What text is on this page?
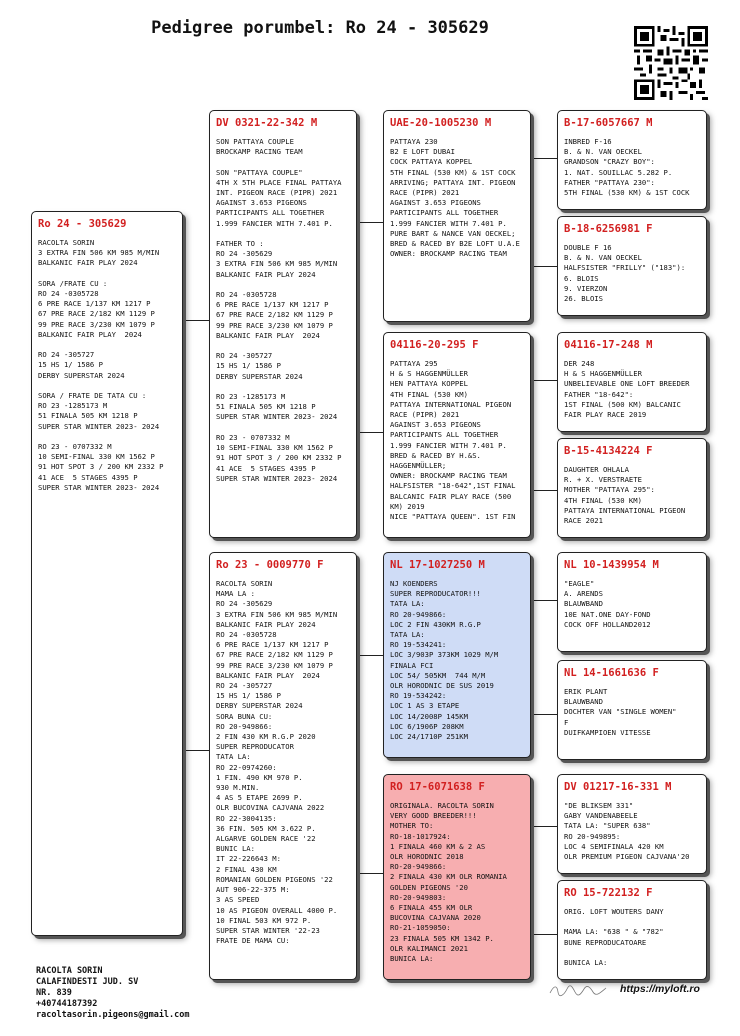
Pedigree porumbel: Ro 24 - 305629
Ro 24 - 305629
RACOLTA SORIN
3 EXTRA FIN 506 KM 985 M/MIN
BALKANIC FAIR PLAY 2024

SORA /FRATE CU :
RO 24 -0305728
6 PRE RACE 1/137 KM 1217 P
67 PRE RACE 2/182 KM 1129 P
99 PRE RACE 3/230 KM 1079 P
BALKANIC FAIR PLAY  2024

RO 24 -305727
15 HS 1/ 1586 P
DERBY SUPERSTAR 2024

SORA / FRATE DE TATA CU :
RO 23 -1285173 M
51 FINALA 505 KM 1218 P
SUPER STAR WINTER 2023- 2024

RO 23 - 0707332 M
10 SEMI-FINAL 330 KM 1562 P
91 HOT SPOT 3 / 200 KM 2332 P
41 ACE  5 STAGES 4395 P
SUPER STAR WINTER 2023- 2024
DV 0321-22-342 M
SON PATTAYA COUPLE
BROCKAMP RACING TEAM

SON "PATTAYA COUPLE"
4TH X 5TH PLACE FINAL PATTAYA INT. PIGEON RACE (PIPR) 2021 AGAINST 3.653 PIGEONS PARTICIPANTS ALL TOGETHER 1.999 FANCIER WITH 7.401 P.

FATHER TO :
RO 24 -305629
3 EXTRA FIN 506 KM 985 M/MIN
BALKANIC FAIR PLAY 2024

RO 24 -0305728
6 PRE RACE 1/137 KM 1217 P
67 PRE RACE 2/182 KM 1129 P
99 PRE RACE 3/230 KM 1079 P
BALKANIC FAIR PLAY  2024

RO 24 -305727
15 HS 1/ 1586 P
DERBY SUPERSTAR 2024

RO 23 -1285173 M
51 FINALA 505 KM 1218 P
SUPER STAR WINTER 2023- 2024

RO 23 - 0707332 M
10 SEMI-FINAL 330 KM 1562 P
91 HOT SPOT 3 / 200 KM 2332 P
41 ACE  5 STAGES 4395 P
SUPER STAR WINTER 2023- 2024
Ro 23 - 0009770 F
RACOLTA SORIN
MAMA LA :
RO 24 -305629
3 EXTRA FIN 506 KM 985 M/MIN
BALKANIC FAIR PLAY 2024
RO 24 -0305728
6 PRE RACE 1/137 KM 1217 P
67 PRE RACE 2/182 KM 1129 P
99 PRE RACE 3/230 KM 1079 P
BALKANIC FAIR PLAY  2024
RO 24 -305727
15 HS 1/ 1586 P
DERBY SUPERSTAR 2024
SORA BUNA CU:
RO 20-949866:
2 FIN 430 KM R.G.P 2020
SUPER REPRODUCATOR
TATA LA:
RO 22-0974260:
1 FIN. 490 KM 970 P.
930 M.MIN.
4 AS 5 ETAPE 2699 P.
OLR BUCOVINA CAJVANA 2022
RO 22-3004135:
36 FIN. 505 KM 3.622 P.
ALGARVE GOLDEN RACE '22
BUNIC LA:
IT 22-226643 M:
2 FINAL 430 KM
ROMANIAN GOLDEN PIGEONS '22
AUT 906-22-375 M:
3 AS SPEED
10 AS PIGEON OVERALL 4000 P.
10 FINAL 503 KM 972 P.
SUPER STAR WINTER '22-23
FRATE DE MAMA CU:
UAE-20-1005230 M
PATTAYA 230
B2 E LOFT DUBAI
COCK PATTAYA KOPPEL
5TH FINAL (530 KM) & 1ST COCK ARRIVING; PATTAYA INT. PIGEON RACE (PIPR) 2021
AGAINST 3.653 PIGEONS PARTICIPANTS ALL TOGETHER 1.999 FANCIER WITH 7.401 P.
PURE BART & NANCE VAN OECKEL; BRED & RACED BY B2E LOFT U.A.E
OWNER: BROCKAMP RACING TEAM
04116-20-295 F
PATTAYA 295
H & S HAGGENMÜLLER
HEN PATTAYA KOPPEL
4TH FINAL (530 KM)
PATTAYA INTERNATIONAL PIGEON RACE (PIPR) 2021
AGAINST 3.653 PIGEONS PARTICIPANTS ALL TOGETHER 1.999 FANCIER WITH 7.401 P.
BRED & RACED BY H.&S. HAGGENMÜLLER;
OWNER: BROCKAMP RACING TEAM
HALFSISTER "18-642",1ST FINAL BALCANIC FAIR PLAY RACE (500 KM) 2019
NICE "PATTAYA QUEEN". 1ST FIN
NL 17-1027250 M
NJ KOENDERS
SUPER REPRODUCATOR!!!
TATA LA:
RO 20-949866:
LOC 2 FIN 430KM R.G.P
TATA LA:
RO 19-534241:
LOC 3/903P 373KM 1029 M/M
FINALA FCI
LOC 54/ 505KM  744 M/M
OLR HORODNIC DE SUS 2019
RO 19-534242:
LOC 1 AS 3 ETAPE
LOC 14/2008P 145KM
LOC 6/1906P 208KM
LOC 24/1710P 251KM
RO 17-6071638 F
ORIGINALA. RACOLTA SORIN
VERY GOOD BREEDER!!!
MOTHER TO:
RO-18-1017924:
1 FINALA 460 KM & 2 AS
OLR HORODNIC 2018
RO-20-949866:
2 FINALA 430 KM OLR ROMANIA GOLDEN PIGEONS '20
RO-20-949803:
6 FINALA 455 KM OLR
BUCOVINA CAJVANA 2020
RO-21-1059050:
23 FINALA 505 KM 1342 P.
OLR KALIMANCI 2021
BUNICA LA:
B-17-6057667 M
INBRED F-16
B. & N. VAN OECKEL
GRANDSON "CRAZY BOY":
1. NAT. SOUILLAC 5.282 P.
FATHER "PATTAYA 230":
5TH FINAL (530 KM) & 1ST COCK
B-18-6256981 F
DOUBLE F 16
B. & N. VAN OECKEL
HALFSISTER "FRILLY" ("183"):
6. BLOIS
9. VIERZON
26. BLOIS
04116-17-248 M
DER 248
H & S HAGGENMÜLLER
UNBELIEVABLE ONE LOFT BREEDER
FATHER "18-642":
1ST FINAL (500 KM) BALCANIC FAIR PLAY RACE 2019
B-15-4134224 F
DAUGHTER OHLALA
R. + X. VERSTRAETE
MOTHER "PATTAYA 295":
4TH FINAL (530 KM)
PATTAYA INTERNATIONAL PIGEON RACE 2021
NL 10-1439954 M
"EAGLE"
A. ARENDS
BLAUWBAND
10E NAT.ONE DAY-FOND
COCK OFF HOLLAND2012
NL 14-1661636 F
ERIK PLANT
BLAUWBAND
DOCHTER VAN "SINGLE WOMEN"
F
DUIFKAMPIOEN VITESSE
DV 01217-16-331 M
"DE BLIKSEM 331"
GABY VANDENABEELE
TATA LA: "SUPER 638"
RO 20-949895:
LOC 4 SEMIFINALA 420 KM
OLR PREMIUM PIGEON CAJVANA'20
RO 15-722132 F
ORIG. LOFT WOUTERS DANY

MAMA LA: "638 " & "782"
BUNE REPRODUCATOARE

BUNICA LA:
RACOLTA SORIN
CALAFINDESTI JUD. SV
NR. 839
+40744187392
racoltasorin.pigeons@gmail.com
https://myloft.ro
